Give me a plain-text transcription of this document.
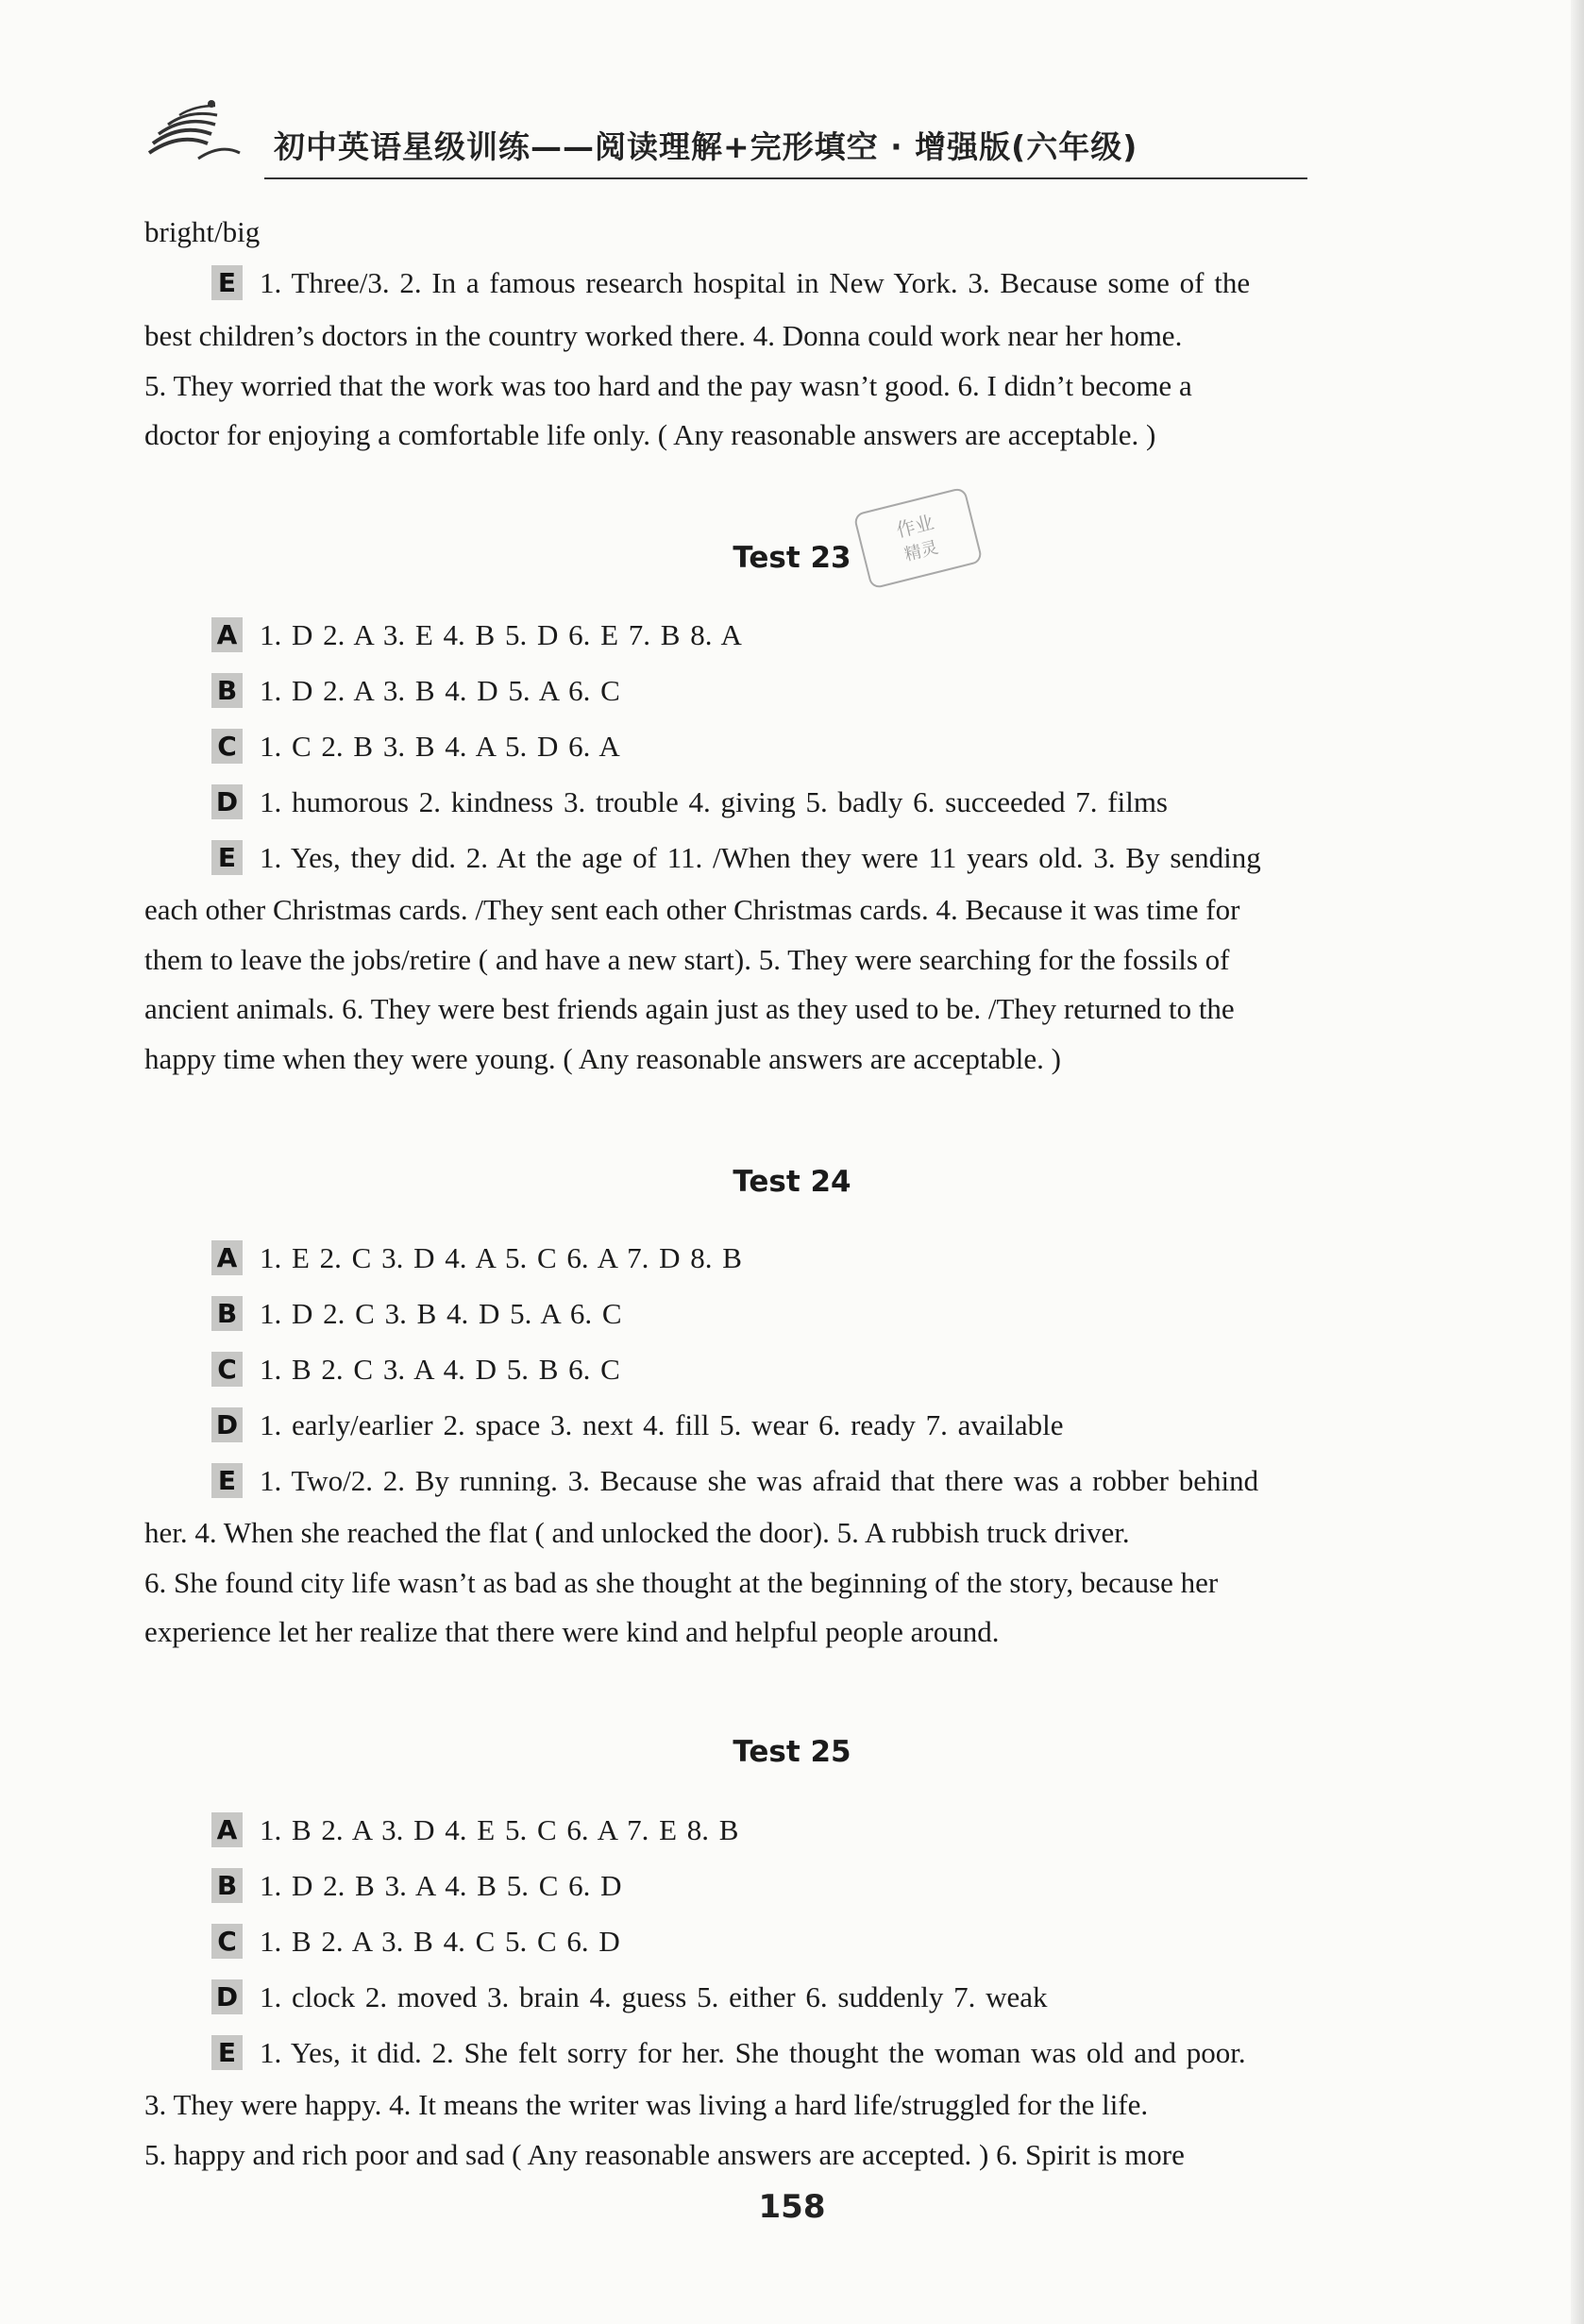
初中英语星级训练——阅读理解+完形填空 · 增强版(六年级)
bright/big
E 1. Three/3. 2. In a famous research hospital in New York. 3. Because some of the
best children’s doctors in the country worked there. 4. Donna could work near her home.
5. They worried that the work was too hard and the pay wasn’t good. 6. I didn’t become a
doctor for enjoying a comfortable life only. ( Any reasonable answers are acceptable. )
作业
精灵
Test 23
A 1. D 2. A 3. E 4. B 5. D 6. E 7. B 8. A
B 1. D 2. A 3. B 4. D 5. A 6. C
C 1. C 2. B 3. B 4. A 5. D 6. A
D 1. humorous 2. kindness 3. trouble 4. giving 5. badly 6. succeeded 7. films
E 1. Yes, they did. 2. At the age of 11. /When they were 11 years old. 3. By sending
each other Christmas cards. /They sent each other Christmas cards. 4. Because it was time for
them to leave the jobs/retire ( and have a new start). 5. They were searching for the fossils of
ancient animals. 6. They were best friends again just as they used to be. /They returned to the
happy time when they were young. ( Any reasonable answers are acceptable. )
Test 24
A 1. E 2. C 3. D 4. A 5. C 6. A 7. D 8. B
B 1. D 2. C 3. B 4. D 5. A 6. C
C 1. B 2. C 3. A 4. D 5. B 6. C
D 1. early/earlier 2. space 3. next 4. fill 5. wear 6. ready 7. available
E 1. Two/2. 2. By running. 3. Because she was afraid that there was a robber behind
her. 4. When she reached the flat ( and unlocked the door). 5. A rubbish truck driver.
6. She found city life wasn’t as bad as she thought at the beginning of the story, because her
experience let her realize that there were kind and helpful people around.
Test 25
A 1. B 2. A 3. D 4. E 5. C 6. A 7. E 8. B
B 1. D 2. B 3. A 4. B 5. C 6. D
C 1. B 2. A 3. B 4. C 5. C 6. D
D 1. clock 2. moved 3. brain 4. guess 5. either 6. suddenly 7. weak
E 1. Yes, it did. 2. She felt sorry for her. She thought the woman was old and poor.
3. They were happy. 4. It means the writer was living a hard life/struggled for the life.
5. happy and rich poor and sad ( Any reasonable answers are accepted. ) 6. Spirit is more
158
